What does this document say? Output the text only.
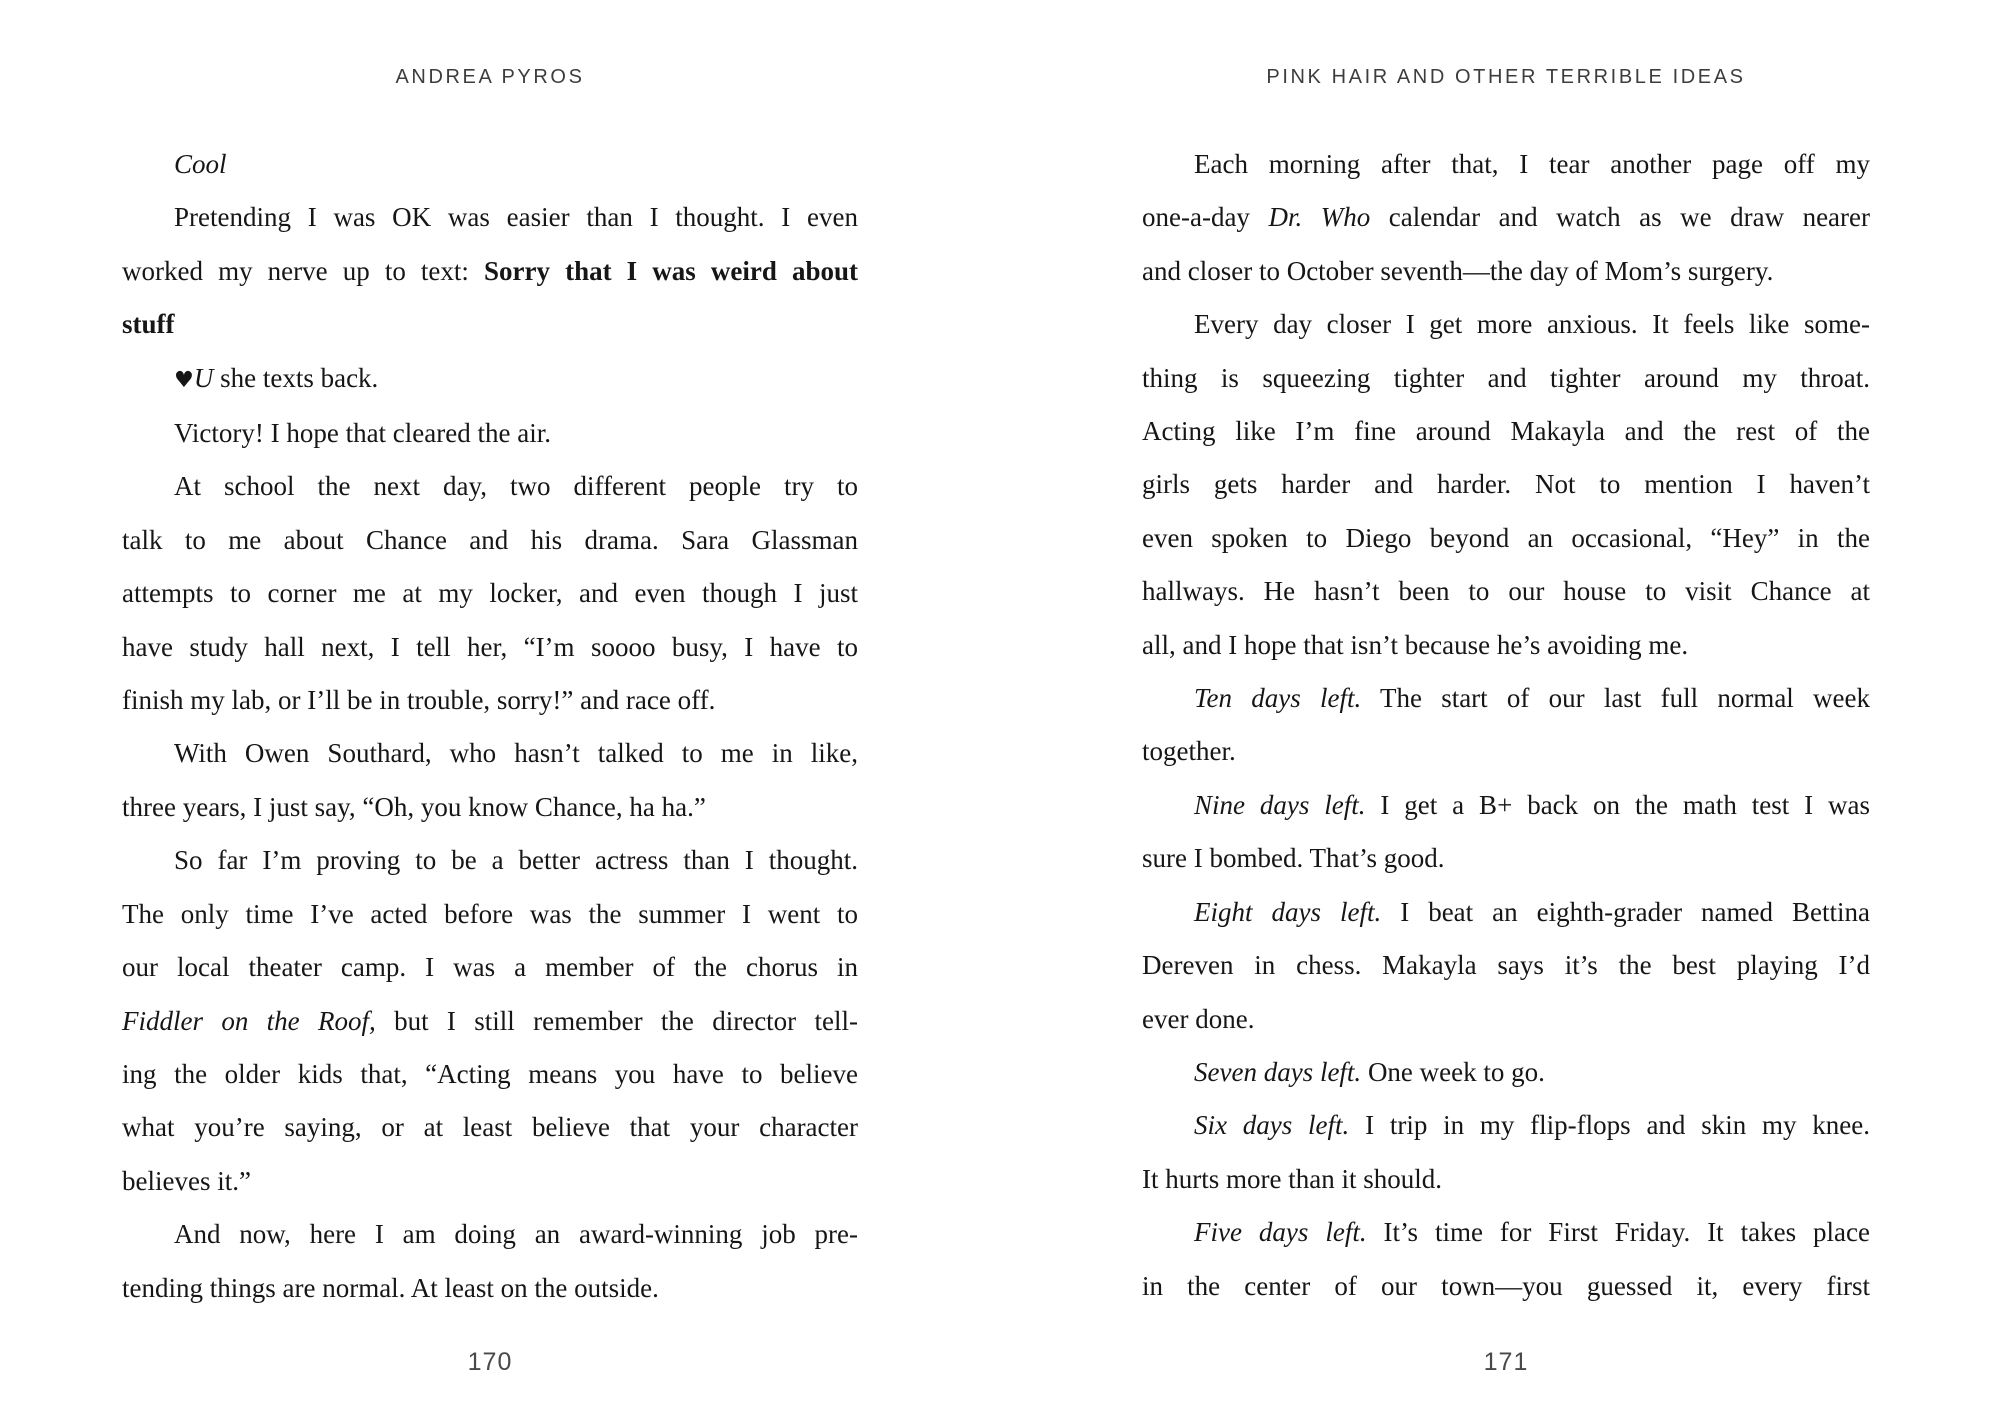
ANDREA PYROS
Cool
Pretending I was OK was easier than I thought. I even
worked my nerve up to text: Sorry that I was weird about
stuff
♥U she texts back.
Victory! I hope that cleared the air.
At school the next day, two different people try to
talk to me about Chance and his drama. Sara Glassman
attempts to corner me at my locker, and even though I just
have study hall next, I tell her, “I’m soooo busy, I have to
finish my lab, or I’ll be in trouble, sorry!” and race off.
With Owen Southard, who hasn’t talked to me in like,
three years, I just say, “Oh, you know Chance, ha ha.”
So far I’m proving to be a better actress than I thought.
The only time I’ve acted before was the summer I went to
our local theater camp. I was a member of the chorus in
Fiddler on the Roof, but I still remember the director tell-
ing the older kids that, “Acting means you have to believe
what you’re saying, or at least believe that your character
believes it.”
And now, here I am doing an award-winning job pre-
tending things are normal. At least on the outside.
170
PINK HAIR AND OTHER TERRIBLE IDEAS
Each morning after that, I tear another page off my
one-a-day Dr. Who calendar and watch as we draw nearer
and closer to October seventh—the day of Mom’s surgery.
Every day closer I get more anxious. It feels like some-
thing is squeezing tighter and tighter around my throat.
Acting like I’m fine around Makayla and the rest of the
girls gets harder and harder. Not to mention I haven’t
even spoken to Diego beyond an occasional, “Hey” in the
hallways. He hasn’t been to our house to visit Chance at
all, and I hope that isn’t because he’s avoiding me.
Ten days left. The start of our last full normal week
together.
Nine days left. I get a B+ back on the math test I was
sure I bombed. That’s good.
Eight days left. I beat an eighth-grader named Bettina
Dereven in chess. Makayla says it’s the best playing I’d
ever done.
Seven days left. One week to go.
Six days left. I trip in my flip-flops and skin my knee.
It hurts more than it should.
Five days left. It’s time for First Friday. It takes place
in the center of our town—you guessed it, every first
171
